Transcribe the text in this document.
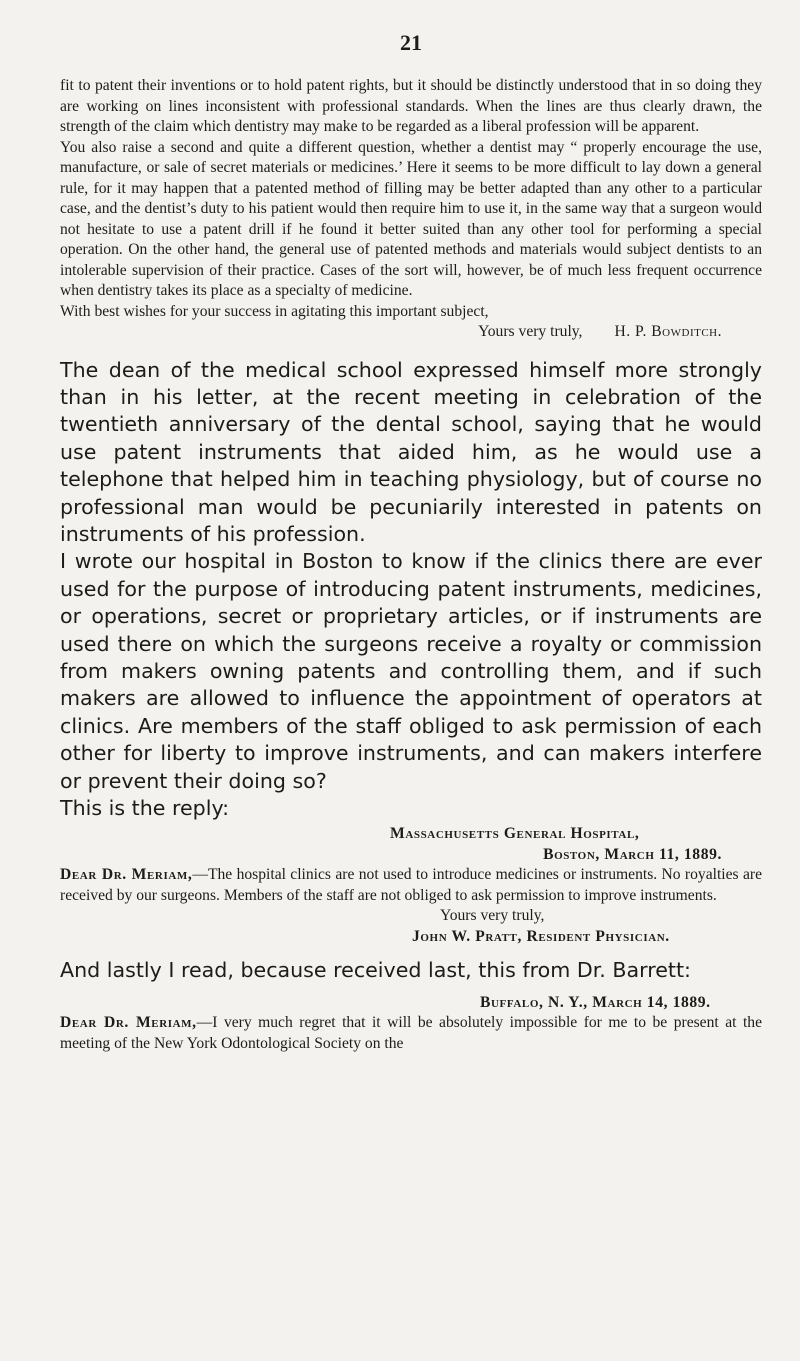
21

fit to patent their inventions or to hold patent rights, but it should be distinctly understood that in so doing they are working on lines inconsistent with professional standards. When the lines are thus clearly drawn, the strength of the claim which dentistry may make to be regarded as a liberal profession will be apparent.

You also raise a second and quite a different question, whether a dentist may “ properly encourage the use, manufacture, or sale of secret materials or medicines.’ Here it seems to be more difficult to lay down a general rule, for it may happen that a patented method of filling may be better adapted than any other to a particular case, and the dentist’s duty to his patient would then require him to use it, in the same way that a surgeon would not hesitate to use a patent drill if he found it better suited than any other tool for performing a special operation. On the other hand, the general use of patented methods and materials would subject dentists to an intolerable supervision of their practice. Cases of the sort will, however, be of much less frequent occurrence when dentistry takes its place as a specialty of medicine.

With best wishes for your success in agitating this important subject,

Yours very truly, H. P. Bowditch.

The dean of the medical school expressed himself more strongly than in his letter, at the recent meeting in celebration of the twentieth anniversary of the dental school, saying that he would use patent instruments that aided him, as he would use a telephone that helped him in teaching physiology, but of course no professional man would be pecuniarily interested in patents on instruments of his profession.

I wrote our hospital in Boston to know if the clinics there are ever used for the purpose of introducing patent instruments, medicines, or operations, secret or proprietary articles, or if instruments are used there on which the surgeons receive a royalty or commission from makers owning patents and controlling them, and if such makers are allowed to influence the appointment of operators at clinics. Are members of the staff obliged to ask permission of each other for liberty to improve instruments, and can makers interfere or prevent their doing so?

This is the reply:

Massachusetts General Hospital,
Boston, March 11, 1889.

Dear Dr. Meriam,—The hospital clinics are not used to introduce medicines or instruments. No royalties are received by our surgeons. Members of the staff are not obliged to ask permission to improve instruments.

Yours very truly,
John W. Pratt, Resident Physician.

And lastly I read, because received last, this from Dr. Barrett:

Buffalo, N. Y., March 14, 1889.

Dear Dr. Meriam,—I very much regret that it will be absolutely impossible for me to be present at the meeting of the New York Odontological Society on the
